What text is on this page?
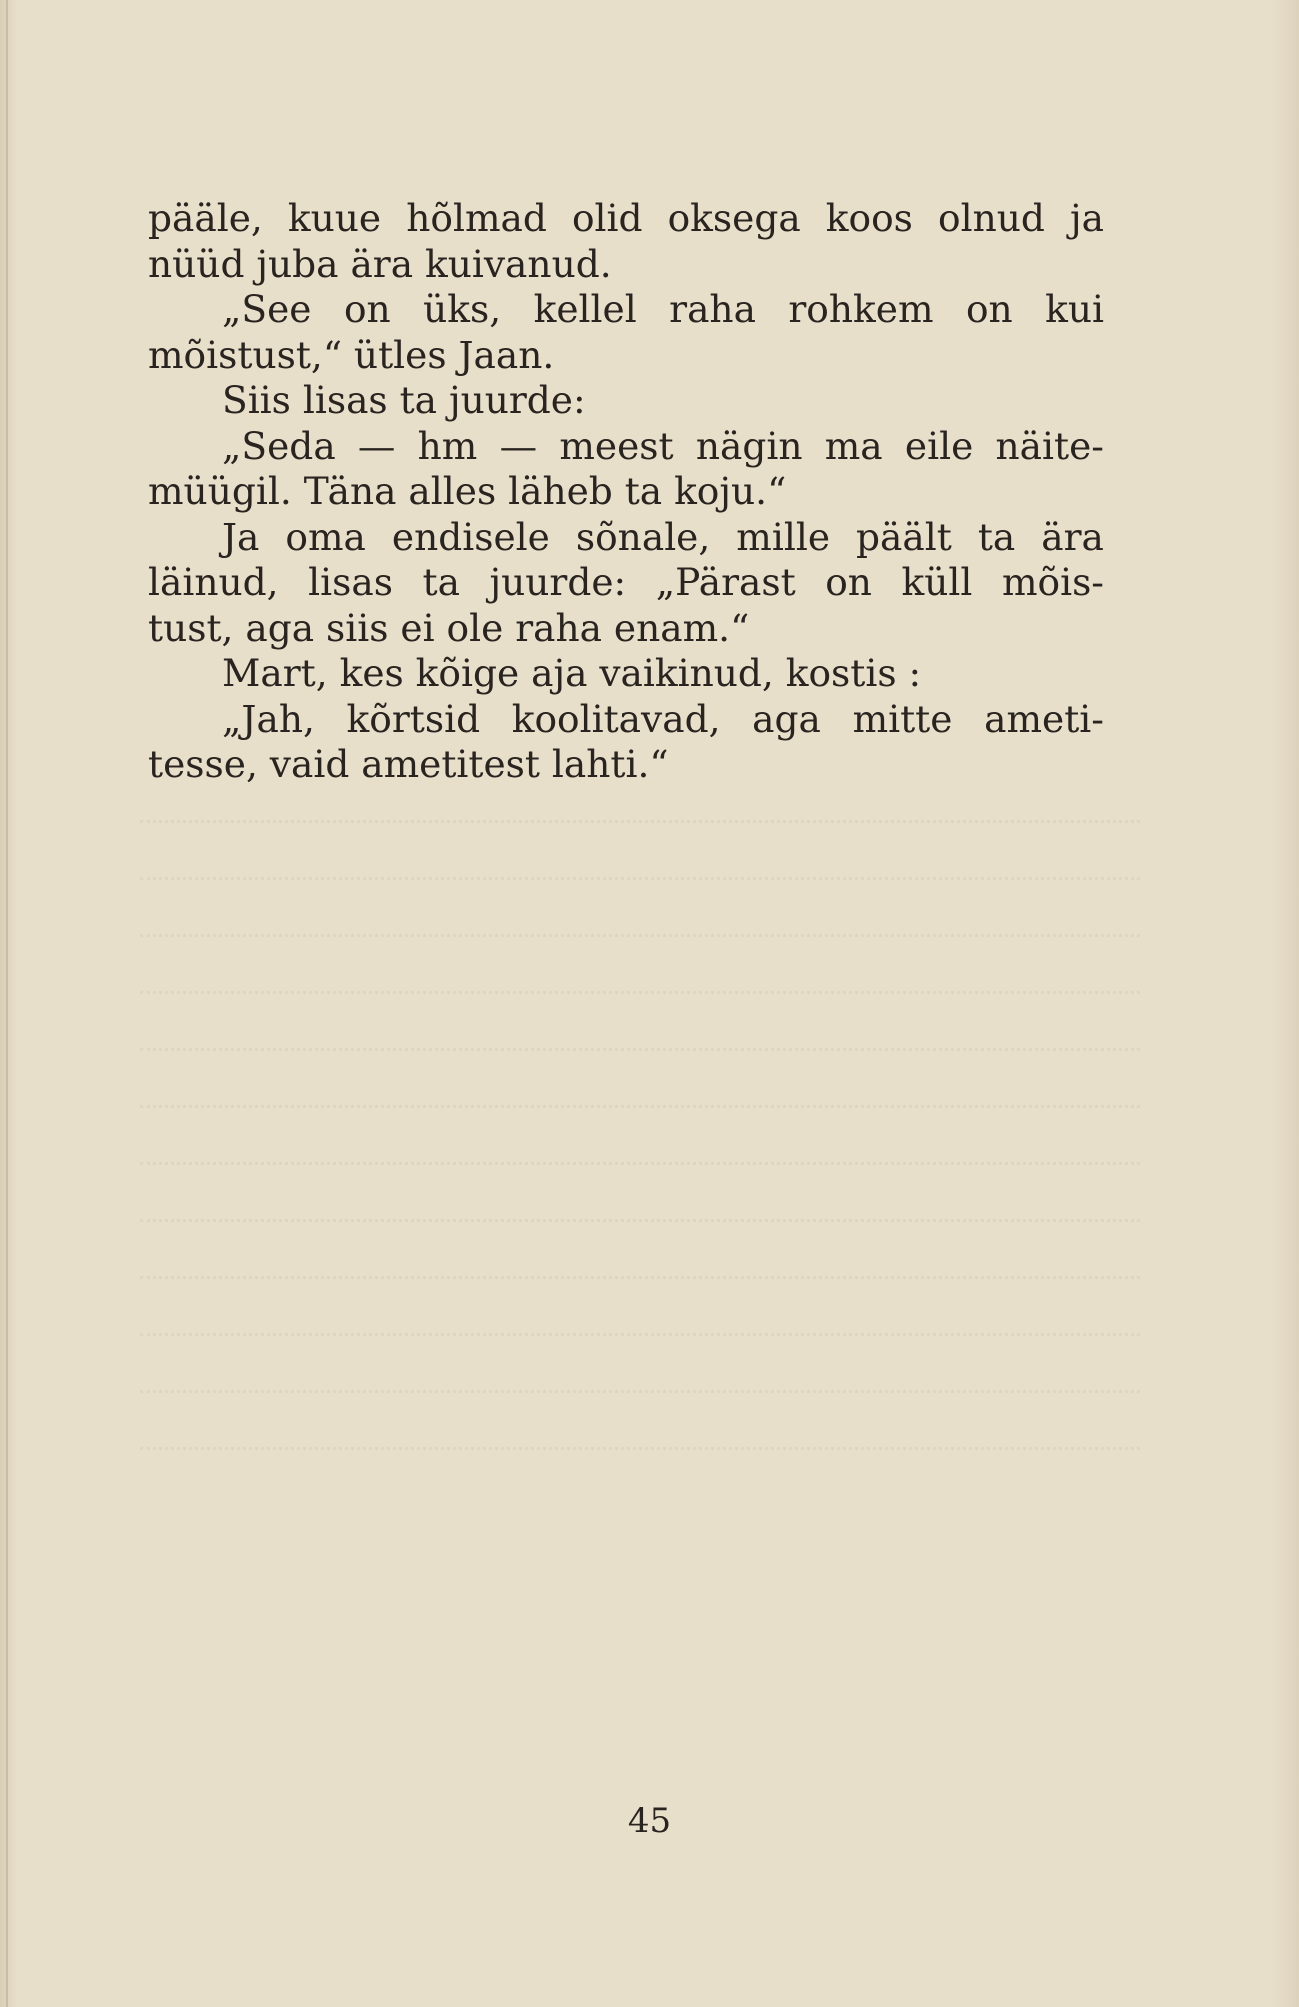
pääle, kuue hõlmad olid oksega koos olnud ja
nüüd juba ära kuivanud.
„See on üks, kellel raha rohkem on kui
mõistust,“ ütles Jaan.
Siis lisas ta juurde:
„Seda — hm — meest nägin ma eile näite-
müügil. Täna alles läheb ta koju.“
Ja oma endisele sõnale, mille päält ta ära
läinud, lisas ta juurde: „Pärast on küll mõis-
tust, aga siis ei ole raha enam.“
Mart, kes kõige aja vaikinud, kostis :
„Jah, kõrtsid koolitavad, aga mitte ameti-
tesse, vaid ametitest lahti.“
45
